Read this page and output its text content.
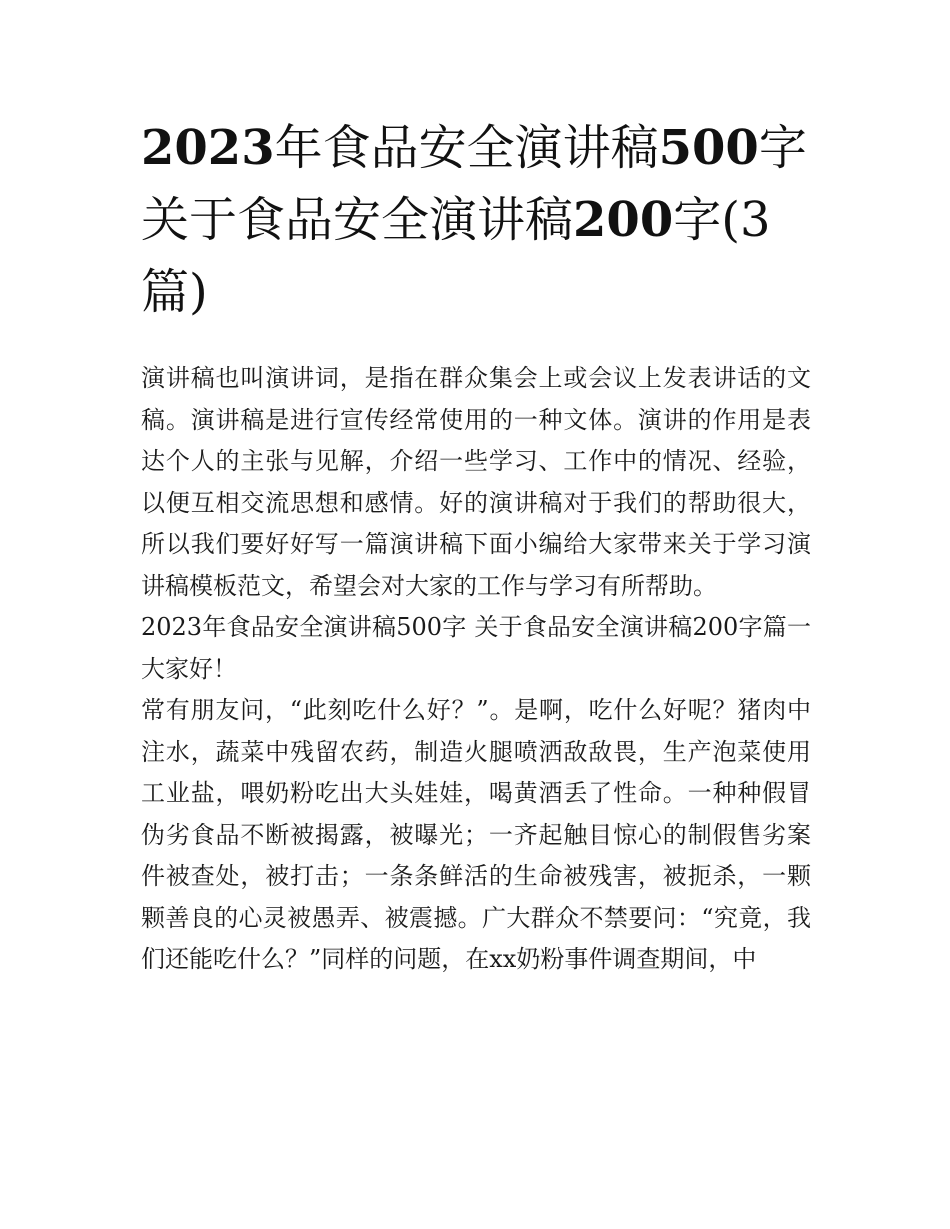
2023年食品安全演讲稿500字关于食品安全演讲稿200字(3篇)

演讲稿也叫演讲词，是指在群众集会上或会议上发表讲话的文稿。演讲稿是进行宣传经常使用的一种文体。演讲的作用是表达个人的主张与见解，介绍一些学习、工作中的情况、经验，以便互相交流思想和感情。好的演讲稿对于我们的帮助很大，所以我们要好好写一篇演讲稿下面小编给大家带来关于学习演讲稿模板范文，希望会对大家的工作与学习有所帮助。

2023年食品安全演讲稿500字 关于食品安全演讲稿200字篇一 大家好！

常有朋友问，“此刻吃什么好？”。是啊，吃什么好呢？猪肉中注水，蔬菜中残留农药，制造火腿喷洒敌敌畏，生产泡菜使用工业盐，喂奶粉吃出大头娃娃，喝黄酒丢了性命。一种种假冒伪劣食品不断被揭露，被曝光；一齐起触目惊心的制假售劣案件被查处，被打击；一条条鲜活的生命被残害，被扼杀，一颗颗善良的心灵被愚弄、被震撼。广大群众不禁要问：“究竟，我们还能吃什么？”同样的问题，在xx奶粉事件调查期间，中
